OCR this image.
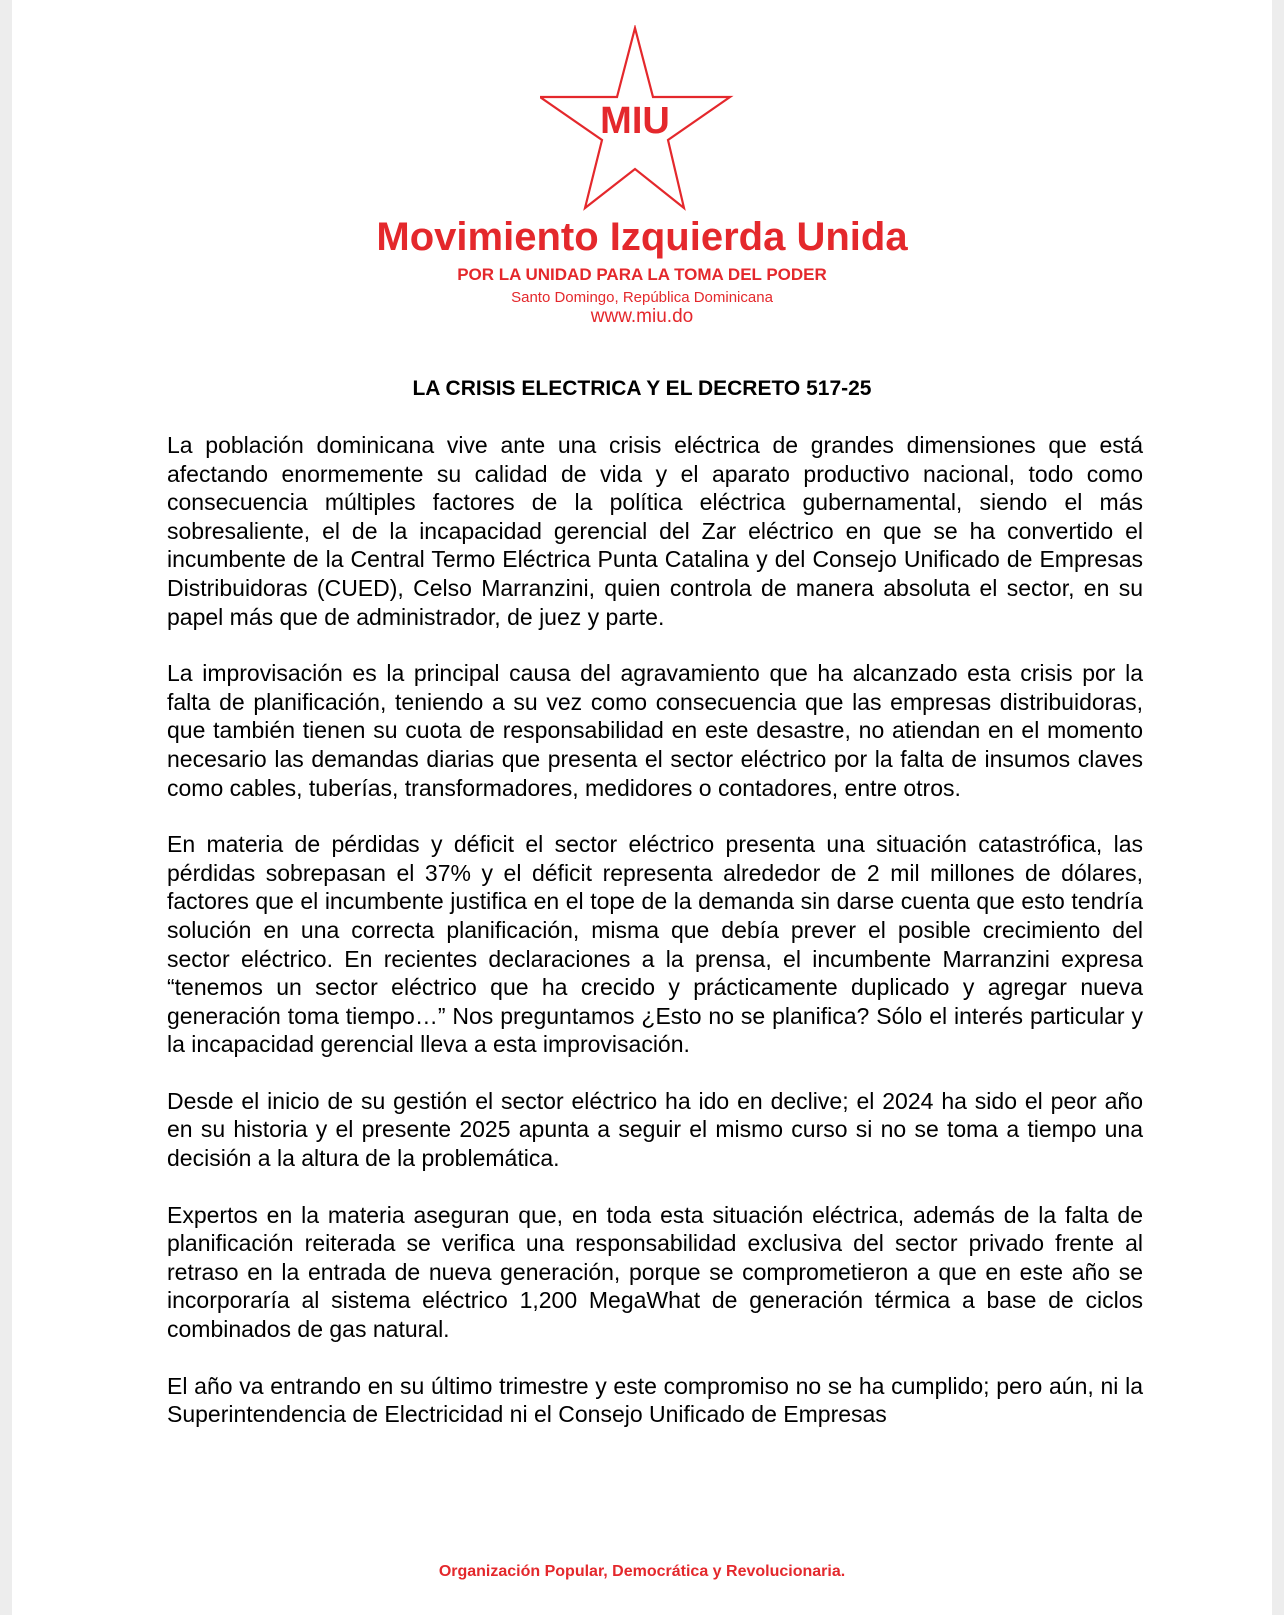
MIU
Movimiento Izquierda Unida
POR LA UNIDAD PARA LA TOMA DEL PODER
Santo Domingo, República Dominicana
www.miu.do
LA CRISIS ELECTRICA Y EL DECRETO 517-25

La población dominicana vive ante una crisis eléctrica de grandes dimensiones que está afectando enormemente su calidad de vida y el aparato productivo nacional, todo como consecuencia múltiples factores de la política eléctrica gubernamental, siendo el más sobresaliente, el de la incapacidad gerencial del Zar eléctrico en que se ha convertido el incumbente de la Central Termo Eléctrica Punta Catalina y del Consejo Unificado de Empresas Distribuidoras (CUED), Celso Marranzini, quien controla de manera absoluta el sector, en su papel más que de administrador, de juez y parte.

La improvisación es la principal causa del agravamiento que ha alcanzado esta crisis por la falta de planificación, teniendo a su vez como consecuencia que las empresas distribuidoras, que también tienen su cuota de responsabilidad en este desastre, no atiendan en el momento necesario las demandas diarias que presenta el sector eléctrico por la falta de insumos claves como cables, tuberías, transformadores, medidores o contadores, entre otros.

En materia de pérdidas y déficit el sector eléctrico presenta una situación catastrófica, las pérdidas sobrepasan el 37% y el déficit representa alrededor de 2 mil millones de dólares, factores que el incumbente justifica en el tope de la demanda sin darse cuenta que esto tendría solución en una correcta planificación, misma que debía prever el posible crecimiento del sector eléctrico. En recientes declaraciones a la prensa, el incumbente Marranzini expresa “tenemos un sector eléctrico que ha crecido y prácticamente duplicado y agregar nueva generación toma tiempo…” Nos preguntamos ¿Esto no se planifica? Sólo el interés particular y la incapacidad gerencial lleva a esta improvisación.

Desde el inicio de su gestión el sector eléctrico ha ido en declive; el 2024 ha sido el peor año en su historia y el presente 2025 apunta a seguir el mismo curso si no se toma a tiempo una decisión a la altura de la problemática.

Expertos en la materia aseguran que, en toda esta situación eléctrica, además de la falta de planificación reiterada se verifica una responsabilidad exclusiva del sector privado frente al retraso en la entrada de nueva generación, porque se comprometieron a que en este año se incorporaría al sistema eléctrico 1,200 MegaWhat de generación térmica a base de ciclos combinados de gas natural.

El año va entrando en su último trimestre y este compromiso no se ha cumplido; pero aún, ni la Superintendencia de Electricidad ni el Consejo Unificado de Empresas

Organización Popular, Democrática y Revolucionaria.
